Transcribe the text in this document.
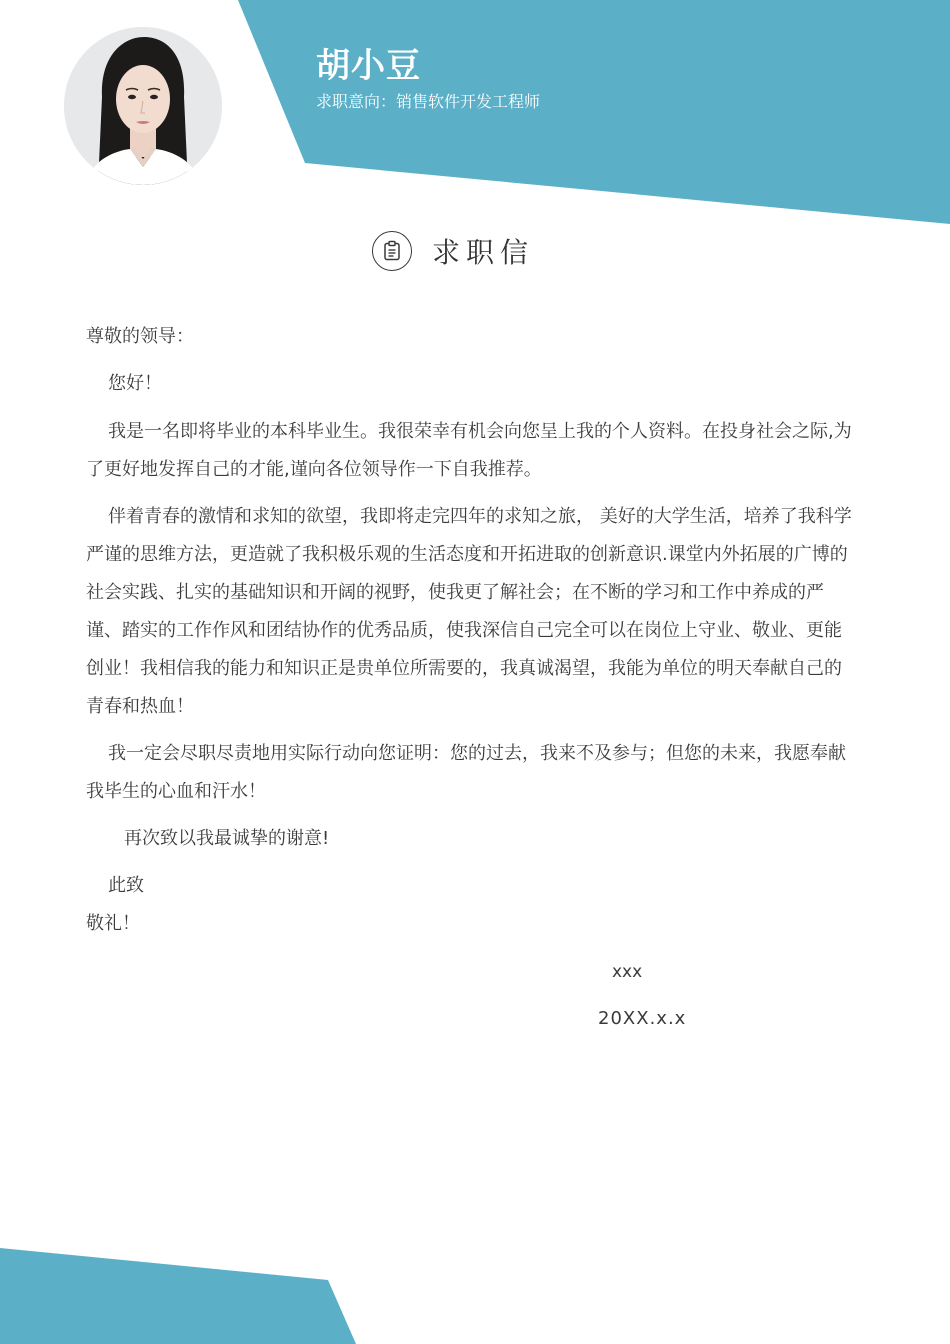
胡小豆
求职意向：销售软件开发工程师
求职信
尊敬的领导：
您好！

我是一名即将毕业的本科毕业生。我很荣幸有机会向您呈上我的个人资料。在投身社会之际,为了更好地发挥自己的才能,谨向各位领导作一下自我推荐。

伴着青春的激情和求知的欲望，我即将走完四年的求知之旅， 美好的大学生活，培养了我科学严谨的思维方法，更造就了我积极乐观的生活态度和开拓进取的创新意识.课堂内外拓展的广博的社会实践、扎实的基础知识和开阔的视野，使我更了解社会；在不断的学习和工作中养成的严谨、踏实的工作作风和团结协作的优秀品质，使我深信自己完全可以在岗位上守业、敬业、更能创业！我相信我的能力和知识正是贵单位所需要的，我真诚渴望，我能为单位的明天奉献自己的青春和热血！

我一定会尽职尽责地用实际行动向您证明：您的过去，我来不及参与；但您的未来，我愿奉献我毕生的心血和汗水！

再次致以我最诚挚的谢意!
此致
敬礼！
xxx
20XX.x.x
